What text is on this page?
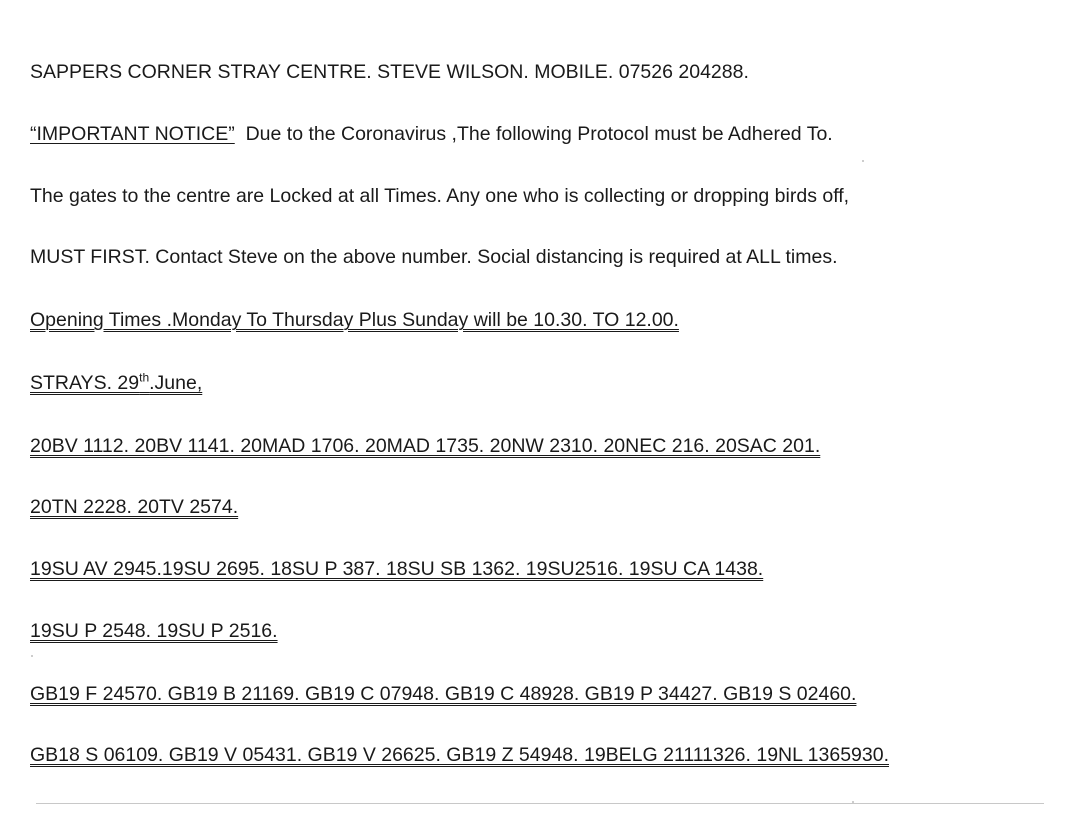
SAPPERS CORNER STRAY CENTRE. STEVE WILSON. MOBILE. 07526 204288.
“IMPORTANT NOTICE” Due to the Coronavirus ,The following Protocol must be Adhered To.
The gates to the centre are Locked at all Times. Any one who is collecting or dropping birds off,
MUST FIRST. Contact Steve on the above number. Social distancing is required at ALL times.
Opening Times .Monday To Thursday Plus Sunday will be 10.30. TO 12.00.
STRAYS. 29th.June,
20BV 1112. 20BV 1141. 20MAD 1706. 20MAD 1735. 20NW 2310. 20NEC 216. 20SAC 201.
20TN 2228. 20TV 2574.
19SU AV 2945.19SU 2695. 18SU P 387. 18SU SB 1362. 19SU2516. 19SU CA 1438.
19SU P 2548. 19SU P 2516.
GB19 F 24570. GB19 B 21169. GB19 C 07948. GB19 C 48928. GB19 P 34427. GB19 S 02460.
GB18 S 06109. GB19 V 05431. GB19 V 26625. GB19 Z 54948. 19BELG 21111326. 19NL 1365930.
